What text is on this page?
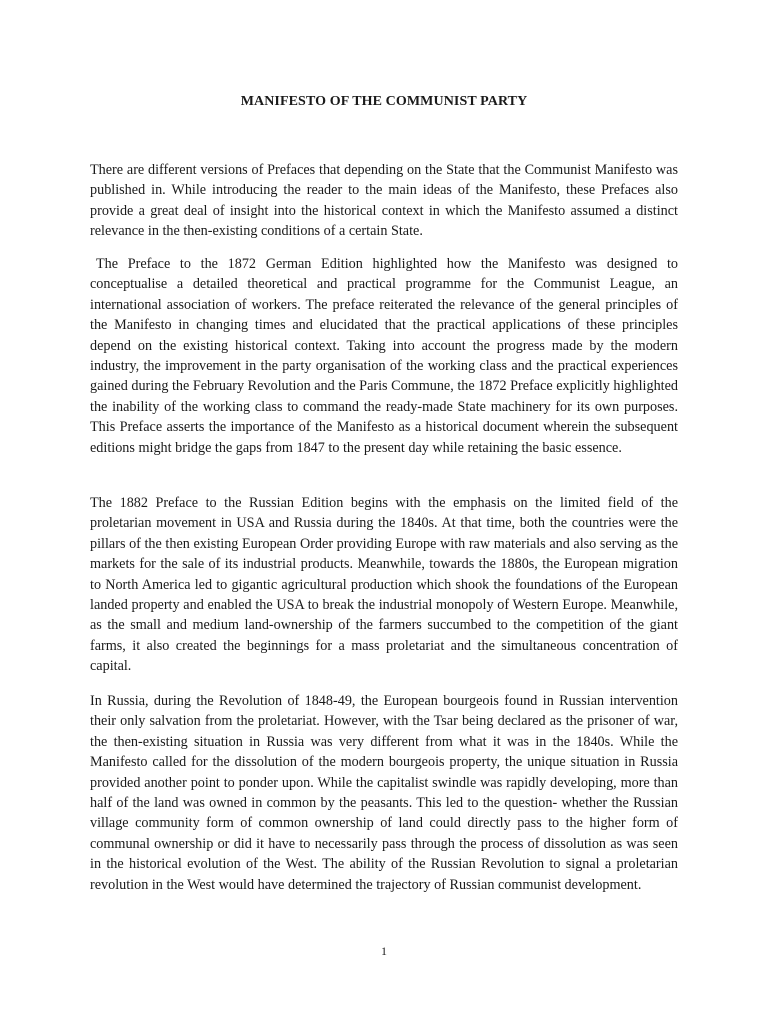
MANIFESTO OF THE COMMUNIST PARTY

There are different versions of Prefaces that depending on the State that the Communist Manifesto was published in. While introducing the reader to the main ideas of the Manifesto, these Prefaces also provide a great deal of insight into the historical context in which the Manifesto assumed a distinct relevance in the then-existing conditions of a certain State.

The Preface to the 1872 German Edition highlighted how the Manifesto was designed to conceptualise a detailed theoretical and practical programme for the Communist League, an international association of workers. The preface reiterated the relevance of the general principles of the Manifesto in changing times and elucidated that the practical applications of these principles depend on the existing historical context. Taking into account the progress made by the modern industry, the improvement in the party organisation of the working class and the practical experiences gained during the February Revolution and the Paris Commune, the 1872 Preface explicitly highlighted the inability of the working class to command the ready-made State machinery for its own purposes. This Preface asserts the importance of the Manifesto as a historical document wherein the subsequent editions might bridge the gaps from 1847 to the present day while retaining the basic essence.

The 1882 Preface to the Russian Edition begins with the emphasis on the limited field of the proletarian movement in USA and Russia during the 1840s. At that time, both the countries were the pillars of the then existing European Order providing Europe with raw materials and also serving as the markets for the sale of its industrial products. Meanwhile, towards the 1880s, the European migration to North America led to gigantic agricultural production which shook the foundations of the European landed property and enabled the USA to break the industrial monopoly of Western Europe. Meanwhile, as the small and medium land-ownership of the farmers succumbed to the competition of the giant farms, it also created the beginnings for a mass proletariat and the simultaneous concentration of capital.

In Russia, during the Revolution of 1848-49, the European bourgeois found in Russian intervention their only salvation from the proletariat. However, with the Tsar being declared as the prisoner of war, the then-existing situation in Russia was very different from what it was in the 1840s. While the Manifesto called for the dissolution of the modern bourgeois property, the unique situation in Russia provided another point to ponder upon. While the capitalist swindle was rapidly developing, more than half of the land was owned in common by the peasants. This led to the question- whether the Russian village community form of common ownership of land could directly pass to the higher form of communal ownership or did it have to necessarily pass through the process of dissolution as was seen in the historical evolution of the West. The ability of the Russian Revolution to signal a proletarian revolution in the West would have determined the trajectory of Russian communist development.

1
